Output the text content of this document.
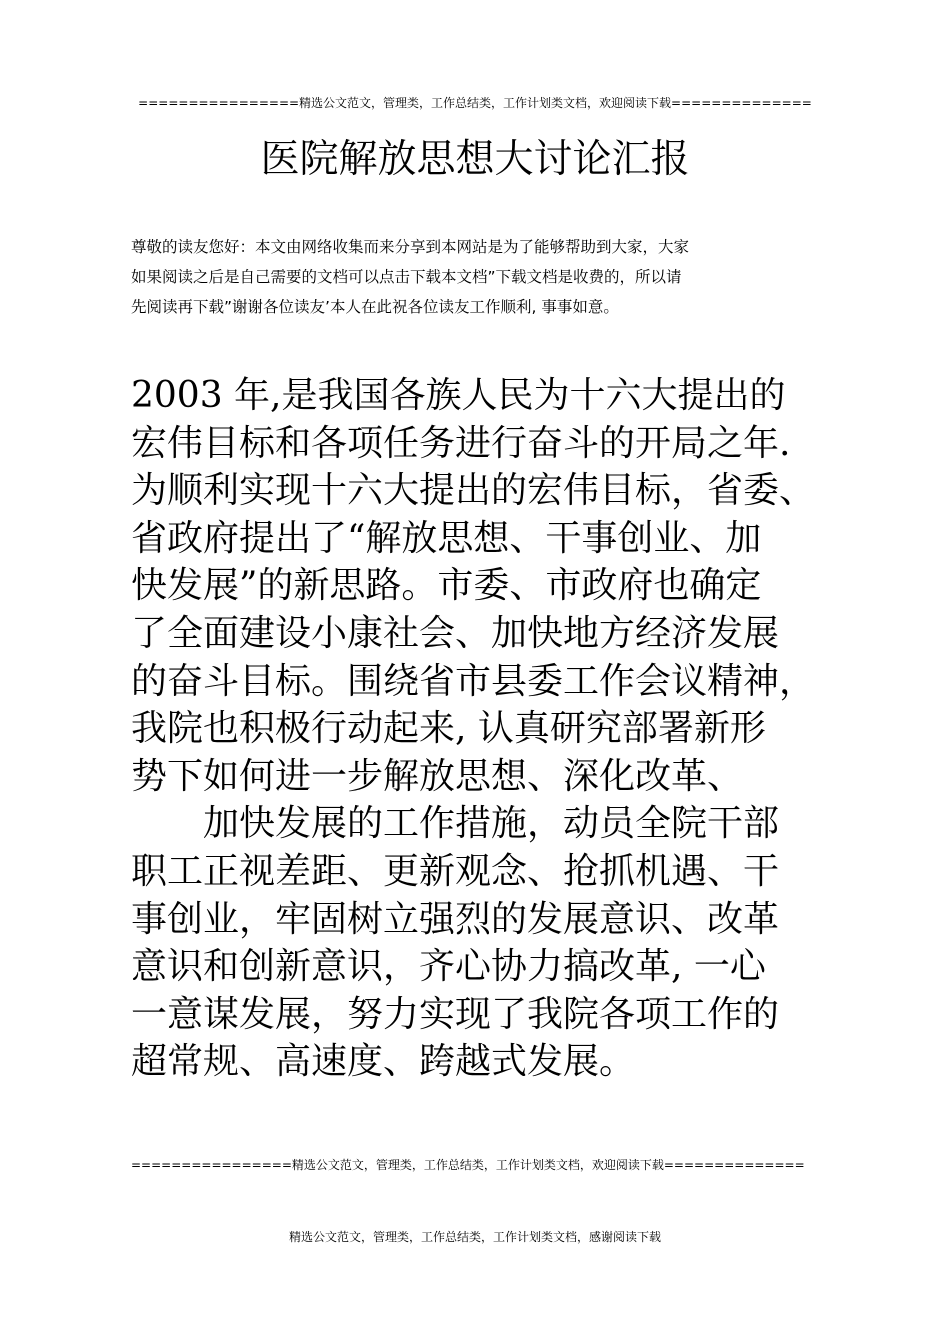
================精选公文范文，管理类，工作总结类，工作计划类文档，欢迎阅读下载==============
医院解放思想大讨论汇报
尊敬的读友您好：本文由网络收集而来分享到本网站是为了能够帮助到大家，大家
如果阅读之后是自己需要的文档可以点击下载本文档”下载文档是收费的，所以请
先阅读再下载”谢谢各位读友’本人在此祝各位读友工作顺利, 事事如意。
2003 年,是我国各族人民为十六大提出的
宏伟目标和各项任务进行奋斗的开局之年.
为顺利实现十六大提出的宏伟目标，省委、
省政府提出了“解放思想、干事创业、加
快发展”的新思路。市委、市政府也确定
了全面建设小康社会、加快地方经济发展
的奋斗目标。围绕省市县委工作会议精神，
我院也积极行动起来, 认真研究部署新形
势下如何进一步解放思想、深化改革、
　　加快发展的工作措施，动员全院干部
职工正视差距、更新观念、抢抓机遇、干
事创业，牢固树立强烈的发展意识、改革
意识和创新意识，齐心协力搞改革, 一心
一意谋发展，努力实现了我院各项工作的
超常规、高速度、跨越式发展。
================精选公文范文，管理类，工作总结类，工作计划类文档，欢迎阅读下载==============
精选公文范文，管理类，工作总结类，工作计划类文档，感谢阅读下载
